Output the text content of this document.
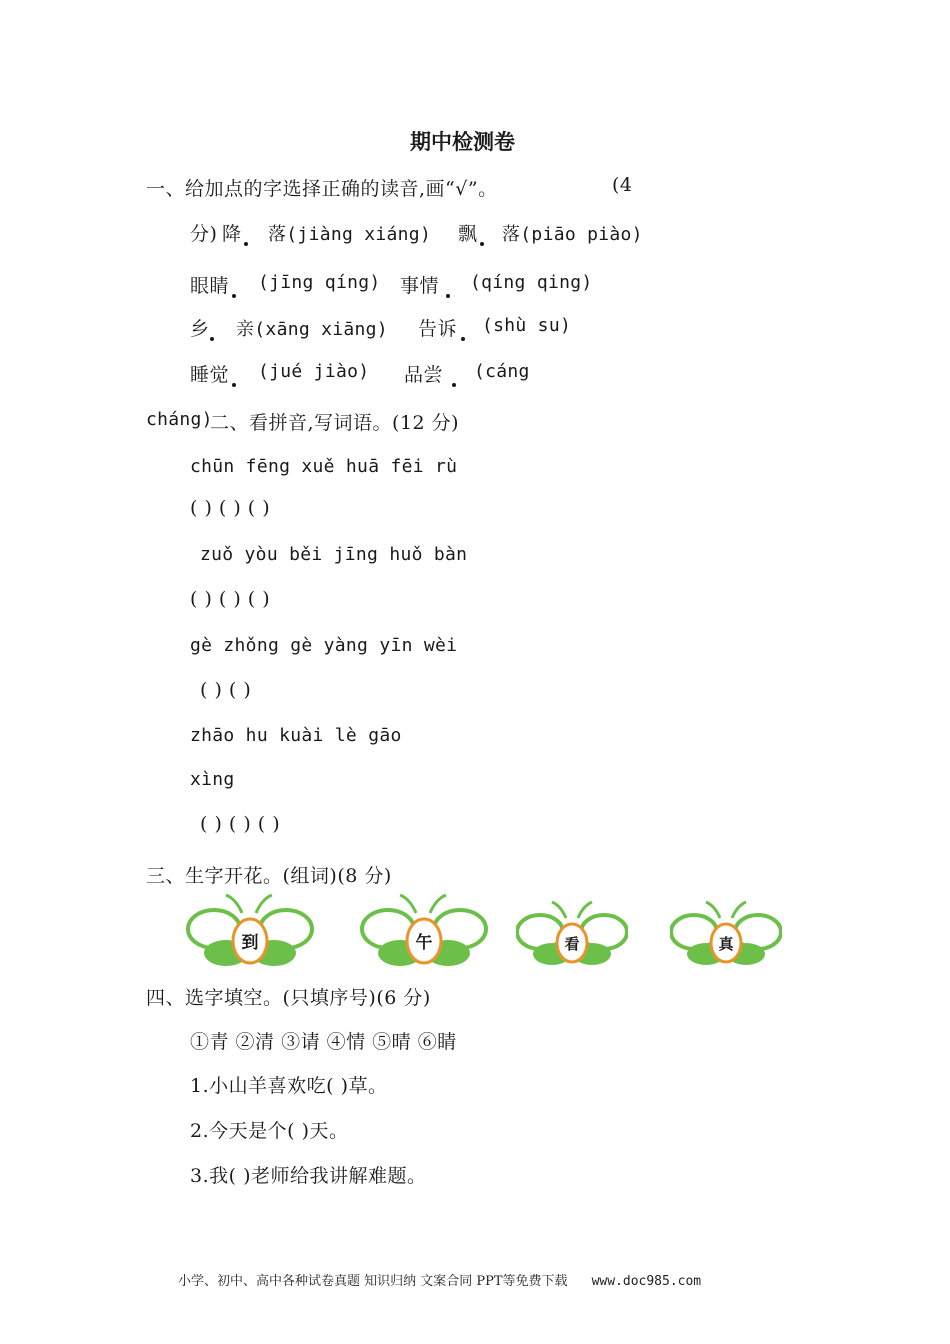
期中检测卷
一、给加点的字选择正确的读音,画“√”。	(4
分) 降 落(jiàng xiáng) 飘 落(piāo piào)
眼睛 (jīng qíng) 事情 (qíng qing)
乡 亲(xāng xiāng) 告诉 (shù su)
睡觉 (jué jiào) 品尝 (cáng
cháng)
二、看拼音,写词语。(12 分)
chūn fēng xuě huā fēi rù
( ) ( ) ( )
zuǒ yòu běi jīng huǒ bàn
( ) ( ) ( )
gè zhǒng gè yàng yīn wèi
( ) ( )
zhāo hu kuài lè gāo
xìng
( ) ( ) ( )
三、生字开花。(组词)(8 分)
到	午	看	真
四、选字填空。(只填序号)(6 分)
①青 ②清 ③请 ④情 ⑤晴 ⑥睛
1.小山羊喜欢吃( )草。
2.今天是个( )天。
3.我( )老师给我讲解难题。
小学、初中、高中各种试卷真题 知识归纳 文案合同 PPT等免费下载 www.doc985.com
